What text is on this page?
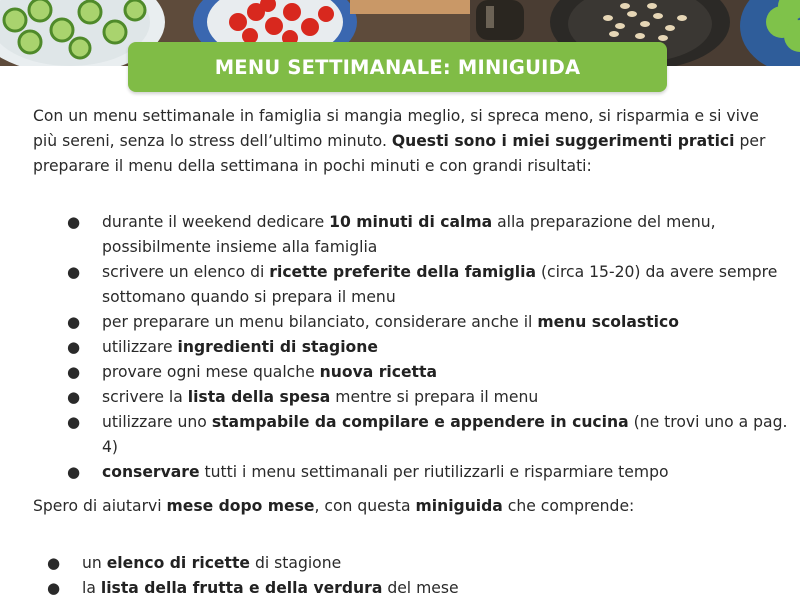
MENU SETTIMANALE: MINIGUIDA

Con un menu settimanale in famiglia si mangia meglio, si spreca meno, si risparmia e si vive più sereni, senza lo stress dell’ultimo minuto. Questi sono i miei suggerimenti pratici per preparare il menu della settimana in pochi minuti e con grandi risultati:

● durante il weekend dedicare 10 minuti di calma alla preparazione del menu, possibilmente insieme alla famiglia
● scrivere un elenco di ricette preferite della famiglia (circa 15-20) da avere sempre sottomano quando si prepara il menu
● per preparare un menu bilanciato, considerare anche il menu scolastico
● utilizzare ingredienti di stagione
● provare ogni mese qualche nuova ricetta
● scrivere la lista della spesa mentre si prepara il menu
● utilizzare uno stampabile da compilare e appendere in cucina (ne trovi uno a pag. 4)
● conservare tutti i menu settimanali per riutilizzarli e risparmiare tempo

Spero di aiutarvi mese dopo mese, con questa miniguida che comprende:

● un elenco di ricette di stagione
● la lista della frutta e della verdura del mese
